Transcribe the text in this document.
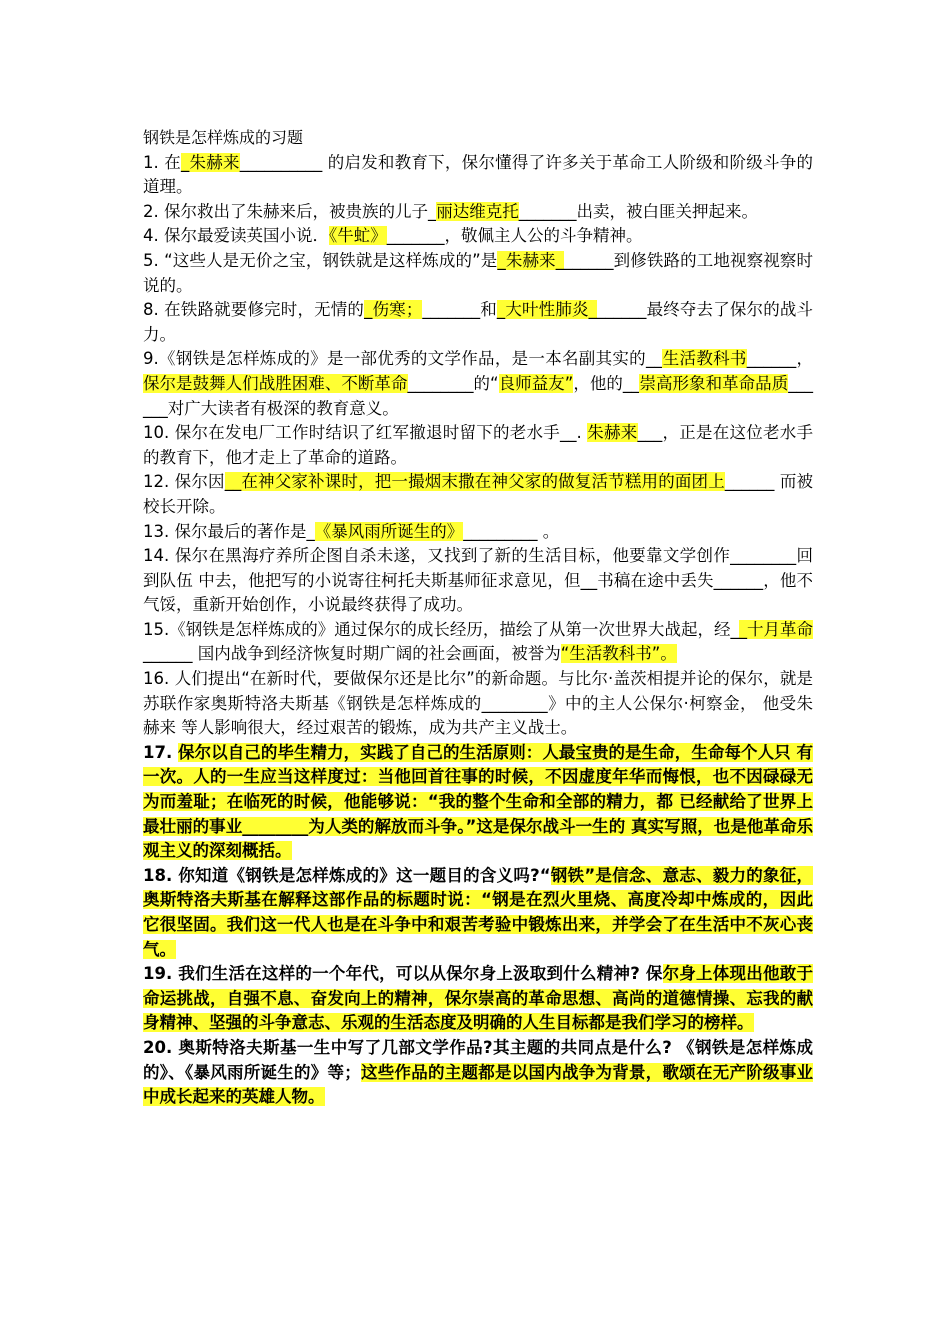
钢铁是怎样炼成的习题

1. 在_朱赫来__________ 的启发和教育下，保尔懂得了许多关于革命工人阶级和阶级斗争的道理。

2. 保尔救出了朱赫来后，被贵族的儿子_丽达维克托_______出卖，被白匪关押起来。

4. 保尔最爱读英国小说．《牛虻》_______，敬佩主人公的斗争精神。

5. “这些人是无价之宝，钢铁就是这样炼成的”是_朱赫来_______到修铁路的工地视察视察时说的。

8. 在铁路就要修完时，无情的_伤寒；_______和_大叶性肺炎_______最终夺去了保尔的战斗力。

9.《钢铁是怎样炼成的》是一部优秀的文学作品，是一本名副其实的__生活教科书______，保尔是鼓舞人们战胜困难、不断革命________的“良师益友”，他的__崇高形象和革命品质______对广大读者有极深的教育意义。

10. 保尔在发电厂工作时结识了红军撤退时留下的老水手__. 朱赫来___，正是在这位老水手 的教育下，他才走上了革命的道路。

12. 保尔因__在神父家补课时，把一撮烟末撒在神父家的做复活节糕用的面团上______ 而被校长开除。

13. 保尔最后的著作是_《暴风雨所诞生的》_________ 。

14. 保尔在黑海疗养所企图自杀未遂，又找到了新的生活目标，他要靠文学创作________回到队伍 中去，他把写的小说寄往柯托夫斯基师征求意见，但__书稿在途中丢失______，他不气馁，重新开始创作，小说最终获得了成功。

15.《钢铁是怎样炼成的》通过保尔的成长经历，描绘了从第一次世界大战起，经__十月革命______ 国内战争到经济恢复时期广阔的社会画面，被誉为“生活教科书”。

16. 人们提出“在新时代，要做保尔还是比尔”的新命题。与比尔·盖茨相提并论的保尔，就是苏联作家奥斯特洛夫斯基《钢铁是怎样炼成的________》中的主人公保尔·柯察金， 他受朱赫来 等人影响很大，经过艰苦的锻炼，成为共产主义战士。

17. 保尔以自己的毕生精力，实践了自己的生活原则：人最宝贵的是生命，生命每个人只 有一次。人的一生应当这样度过：当他回首往事的时候，不因虚度年华而悔恨，也不因碌碌无为而羞耻；在临死的时候，他能够说：“我的整个生命和全部的精力，都 已经献给了世界上最壮丽的事业________为人类的解放而斗争。”这是保尔战斗一生的 真实写照，也是他革命乐观主义的深刻概括。

18. 你知道《钢铁是怎样炼成的》这一题目的含义吗?“钢铁”是信念、意志、毅力的象征，奥斯特洛夫斯基在解释这部作品的标题时说：“钢是在烈火里烧、高度冷却中炼成的，因此它很坚固。我们这一代人也是在斗争中和艰苦考验中锻炼出来，并学会了在生活中不灰心丧气。

19. 我们生活在这样的一个年代，可以从保尔身上汲取到什么精神? 保尔身上体现出他敢于命运挑战，自强不息、奋发向上的精神，保尔崇高的革命思想、高尚的道德情操、忘我的献身精神、坚强的斗争意志、乐观的生活态度及明确的人生目标都是我们学习的榜样。

20. 奥斯特洛夫斯基一生中写了几部文学作品?其主题的共同点是什么? 《钢铁是怎样炼成的》、《暴风雨所诞生的》等；这些作品的主题都是以国内战争为背景，歌颂在无产阶级事业中成长起来的英雄人物。
